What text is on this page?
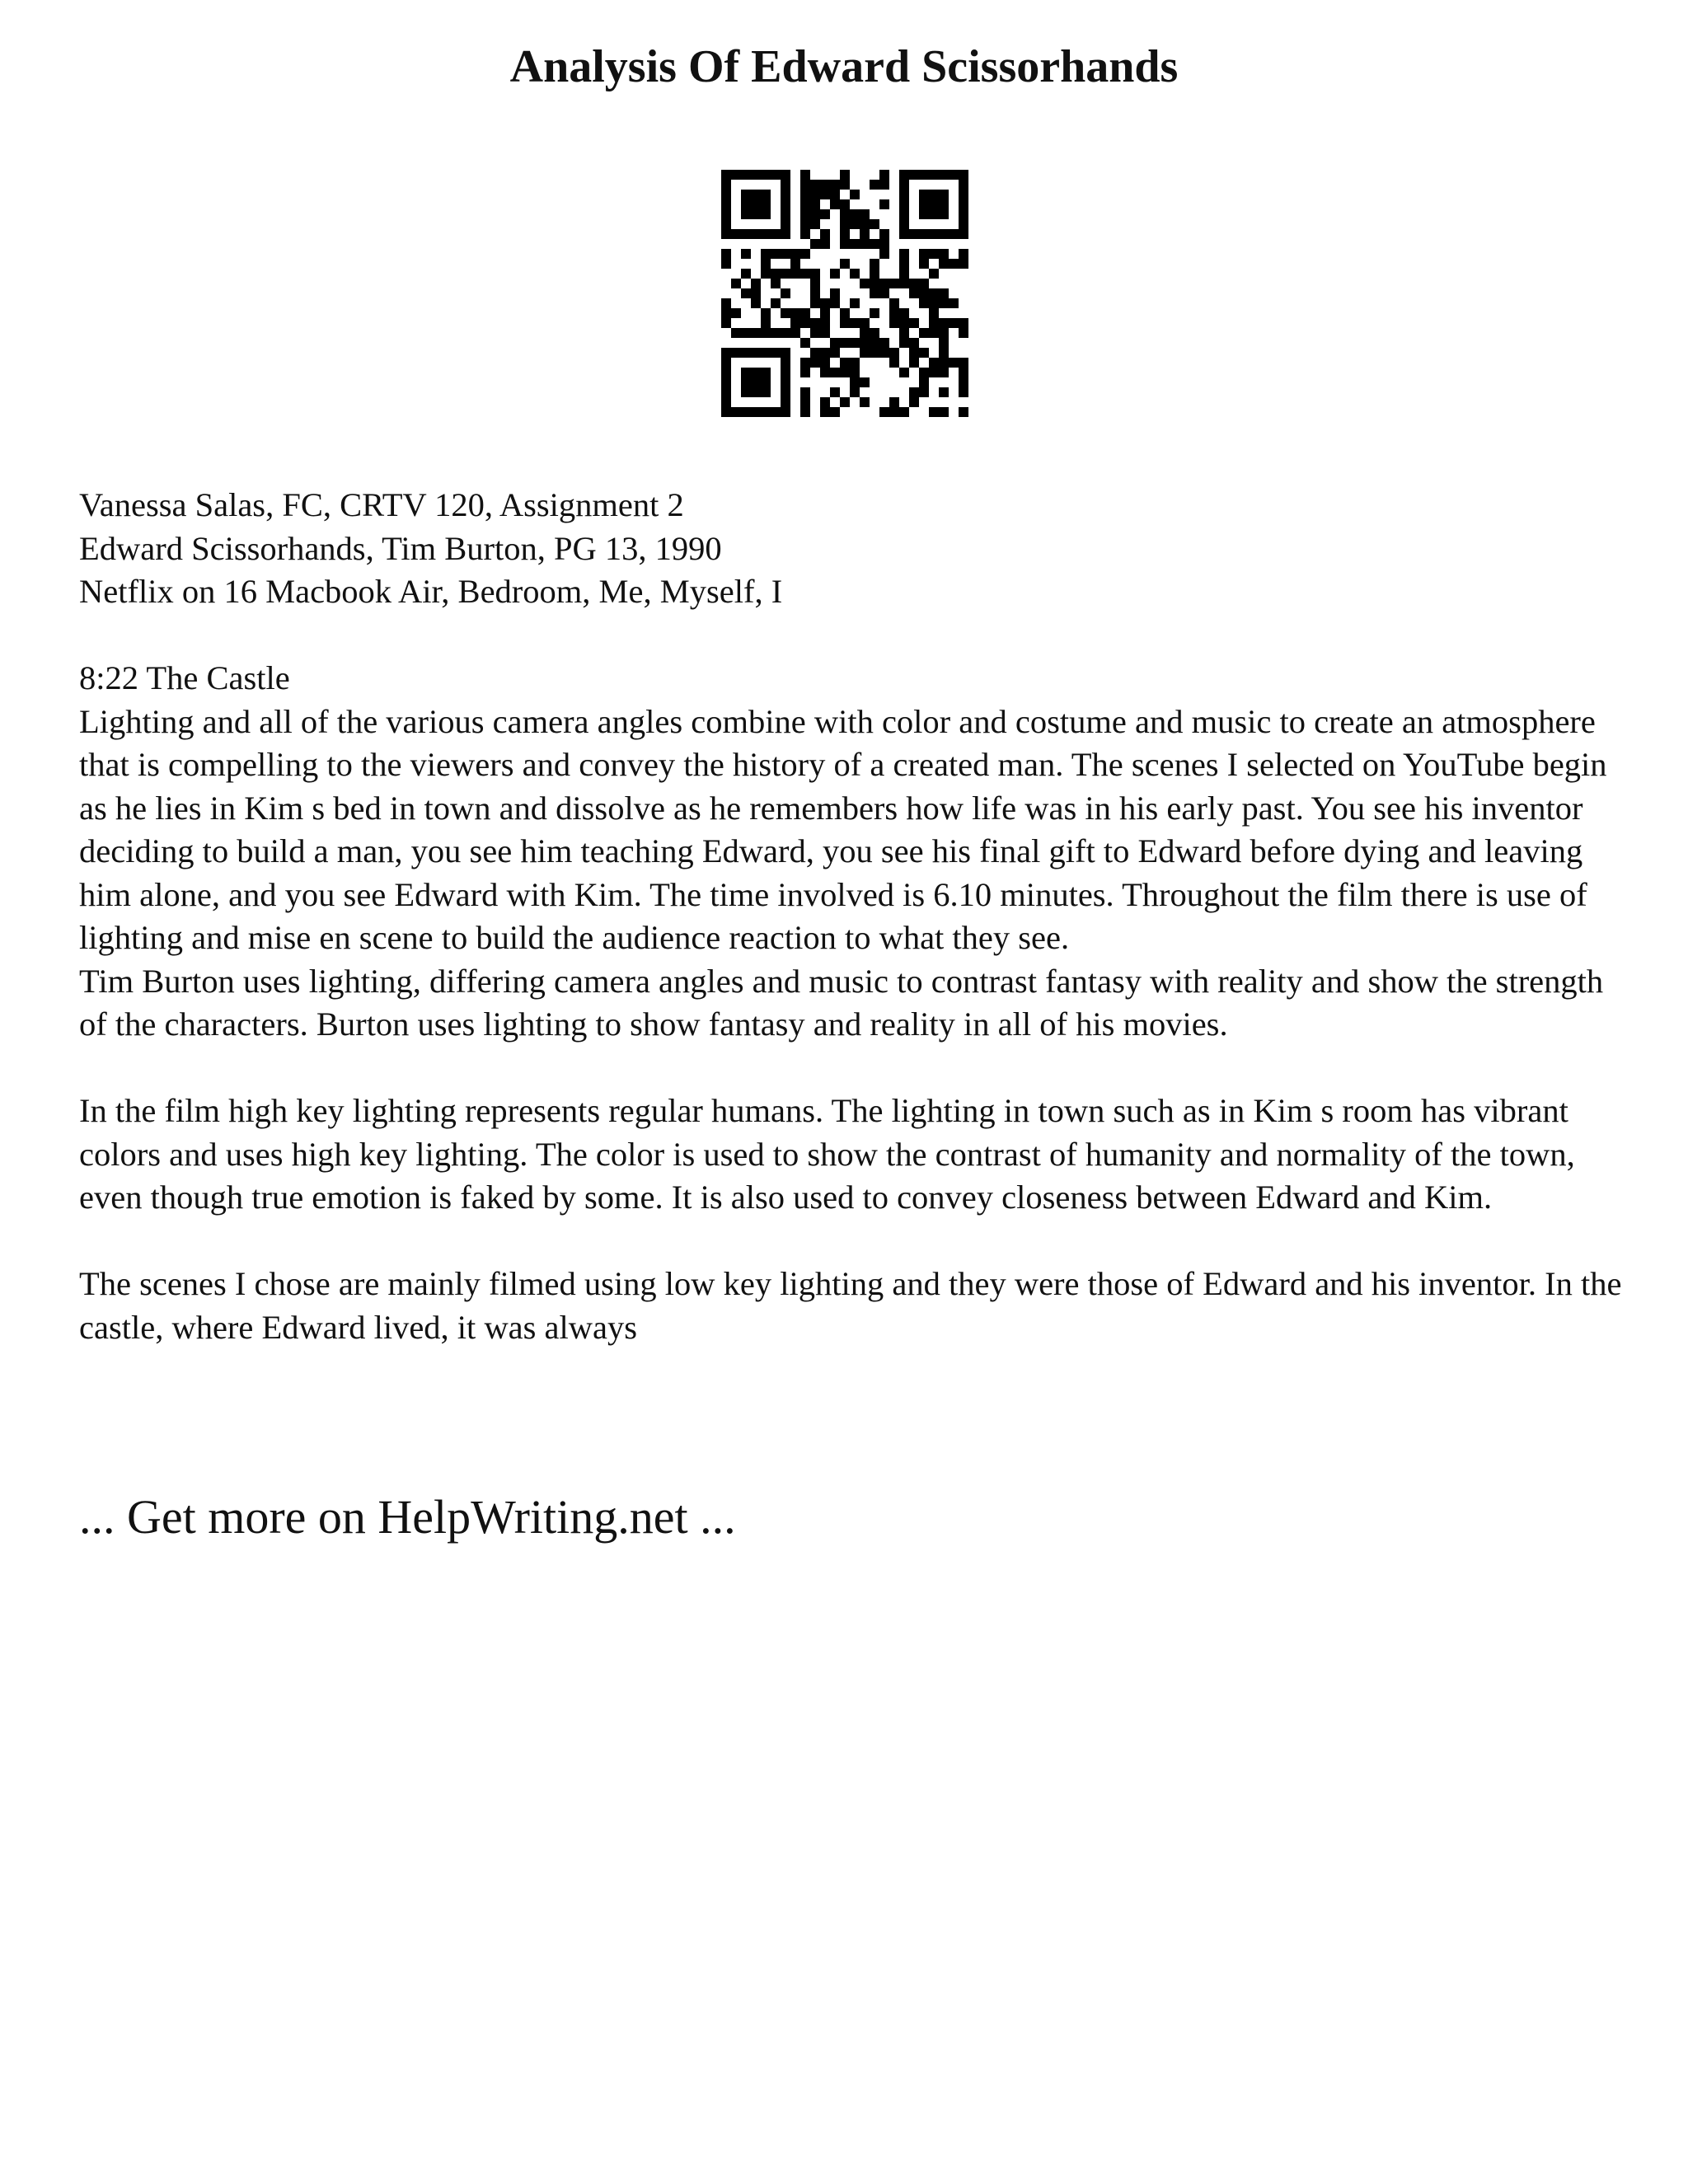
Analysis Of Edward Scissorhands
Vanessa Salas, FC, CRTV 120, Assignment 2
Edward Scissorhands, Tim Burton, PG 13, 1990
Netflix on 16 Macbook Air, Bedroom, Me, Myself, I

8:22 The Castle

Lighting and all of the various camera angles combine with color and costume and music to create an atmosphere that is compelling to the viewers and convey the history of a created man. The scenes I selected on YouTube begin as he lies in Kim s bed in town and dissolve as he remembers how life was in his early past. You see his inventor deciding to build a man, you see him teaching Edward, you see his final gift to Edward before dying and leaving him alone, and you see Edward with Kim. The time involved is 6.10 minutes. Throughout the film there is use of lighting and mise en scene to build the audience reaction to what they see.

Tim Burton uses lighting, differing camera angles and music to contrast fantasy with reality and show the strength of the characters. Burton uses lighting to show fantasy and reality in all of his movies.

In the film high key lighting represents regular humans. The lighting in town such as in Kim s room has vibrant colors and uses high key lighting. The color is used to show the contrast of humanity and normality of the town, even though true emotion is faked by some. It is also used to convey closeness between Edward and Kim.

The scenes I chose are mainly filmed using low key lighting and they were those of Edward and his inventor. In the castle, where Edward lived, it was always

... Get more on HelpWriting.net ...
